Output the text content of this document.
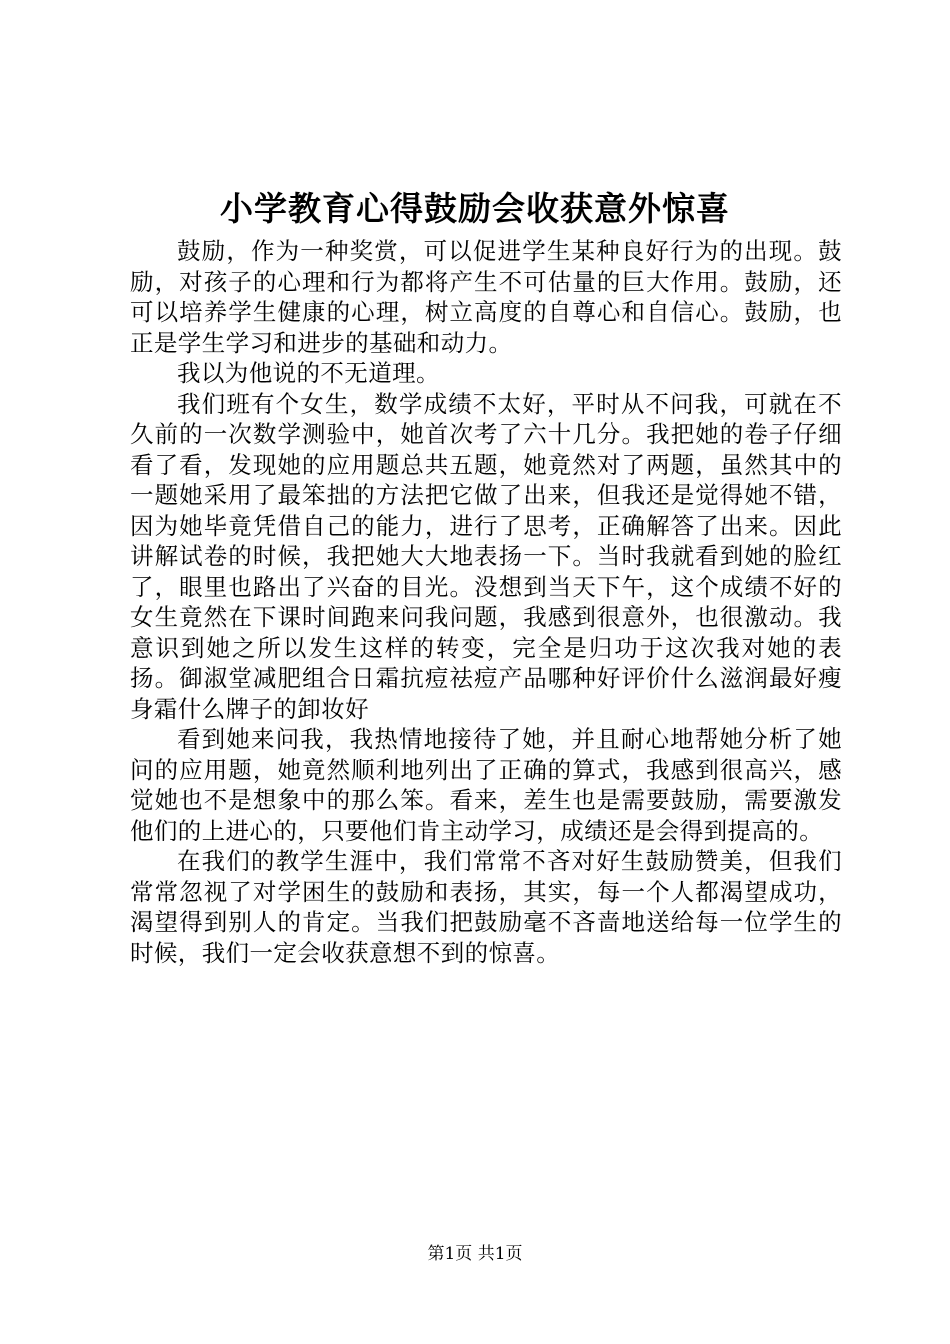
小学教育心得鼓励会收获意外惊喜

鼓励，作为一种奖赏，可以促进学生某种良好行为的出现。鼓励，对孩子的心理和行为都将产生不可估量的巨大作用。鼓励，还可以培养学生健康的心理，树立高度的自尊心和自信心。鼓励，也正是学生学习和进步的基础和动力。

我以为他说的不无道理。

我们班有个女生，数学成绩不太好，平时从不问我，可就在不久前的一次数学测验中，她首次考了六十几分。我把她的卷子仔细看了看，发现她的应用题总共五题，她竟然对了两题，虽然其中的一题她采用了最笨拙的方法把它做了出来，但我还是觉得她不错，因为她毕竟凭借自己的能力，进行了思考，正确解答了出来。因此讲解试卷的时候，我把她大大地表扬一下。当时我就看到她的脸红了，眼里也路出了兴奋的目光。没想到当天下午，这个成绩不好的女生竟然在下课时间跑来问我问题，我感到很意外，也很激动。我意识到她之所以发生这样的转变，完全是归功于这次我对她的表扬。御淑堂减肥组合日霜抗痘祛痘产品哪种好评价什么滋润最好瘦身霜什么牌子的卸妆好

看到她来问我，我热情地接待了她，并且耐心地帮她分析了她问的应用题，她竟然顺利地列出了正确的算式，我感到很高兴，感觉她也不是想象中的那么笨。看来，差生也是需要鼓励，需要激发他们的上进心的，只要他们肯主动学习，成绩还是会得到提高的。

在我们的教学生涯中，我们常常不吝对好生鼓励赞美，但我们常常忽视了对学困生的鼓励和表扬，其实，每一个人都渴望成功，渴望得到别人的肯定。当我们把鼓励毫不吝啬地送给每一位学生的时候，我们一定会收获意想不到的惊喜。

第1页 共1页
